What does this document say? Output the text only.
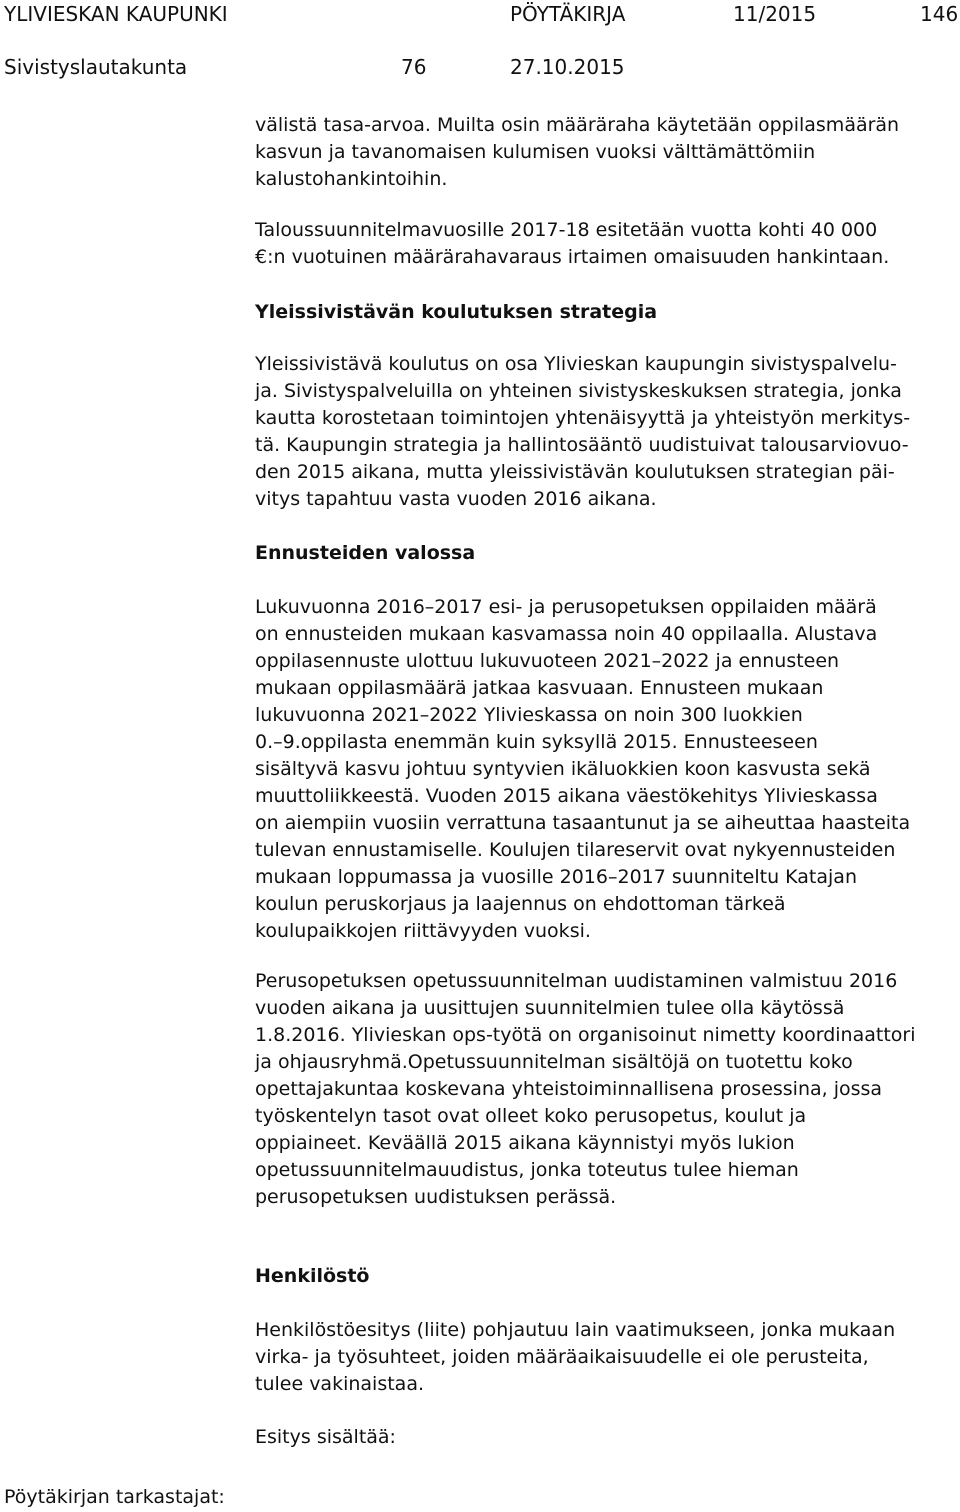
YLIVIESKAN KAUPUNKI	PÖYTÄKIRJA	11/2015	146
Sivistyslautakunta	76	27.10.2015
välistä tasa-arvoa. Muilta osin määräraha käytetään oppilasmäärän
kasvun ja tavanomaisen kulumisen vuoksi välttämättömiin
kalustohankintoihin.
Taloussuunnitelmavuosille 2017-18 esitetään vuotta kohti 40 000
€:n vuotuinen määrärahavaraus irtaimen omaisuuden hankintaan.
Yleissivistävän koulutuksen strategia
Yleissivistävä koulutus on osa Ylivieskan kaupungin sivistyspalvelu-
ja. Sivistyspalveluilla on yhteinen sivistyskeskuksen strategia, jonka
kautta korostetaan toimintojen yhtenäisyyttä ja yhteistyön merkitys-
tä. Kaupungin strategia ja hallintosääntö uudistuivat talousarviovuo-
den 2015 aikana, mutta yleissivistävän koulutuksen strategian päi-
vitys tapahtuu vasta vuoden 2016 aikana.
Ennusteiden valossa
Lukuvuonna 2016–2017 esi- ja perusopetuksen oppilaiden määrä
on ennusteiden mukaan kasvamassa noin 40 oppilaalla. Alustava
oppilasennuste ulottuu lukuvuoteen 2021–2022 ja ennusteen
mukaan oppilasmäärä jatkaa kasvuaan. Ennusteen mukaan
lukuvuonna 2021–2022 Ylivieskassa on noin 300 luokkien
0.–9.oppilasta enemmän kuin syksyllä 2015. Ennusteeseen
sisältyvä kasvu johtuu syntyvien ikäluokkien koon kasvusta sekä
muuttoliikkeestä. Vuoden 2015 aikana väestökehitys Ylivieskassa
on aiempiin vuosiin verrattuna tasaantunut ja se aiheuttaa haasteita
tulevan ennustamiselle. Koulujen tilareservit ovat nykyennusteiden
mukaan loppumassa ja vuosille 2016–2017 suunniteltu Katajan
koulun peruskorjaus ja laajennus on ehdottoman tärkeä
koulupaikkojen riittävyyden vuoksi.
Perusopetuksen opetussuunnitelman uudistaminen valmistuu 2016
vuoden aikana ja uusittujen suunnitelmien tulee olla käytössä
1.8.2016. Ylivieskan ops-työtä on organisoinut nimetty koordinaattori
ja ohjausryhmä.Opetussuunnitelman sisältöjä on tuotettu koko
opettajakuntaa koskevana yhteistoiminnallisena prosessina, jossa
työskentelyn tasot ovat olleet koko perusopetus, koulut ja
oppiaineet. Keväällä 2015 aikana käynnistyi myös lukion
opetussuunnitelmauudistus, jonka toteutus tulee hieman
perusopetuksen uudistuksen perässä.
Henkilöstö
Henkilöstöesitys (liite) pohjautuu lain vaatimukseen, jonka mukaan
virka- ja työsuhteet, joiden määräaikaisuudelle ei ole perusteita,
tulee vakinaistaa.
Esitys sisältää:
Pöytäkirjan tarkastajat:
